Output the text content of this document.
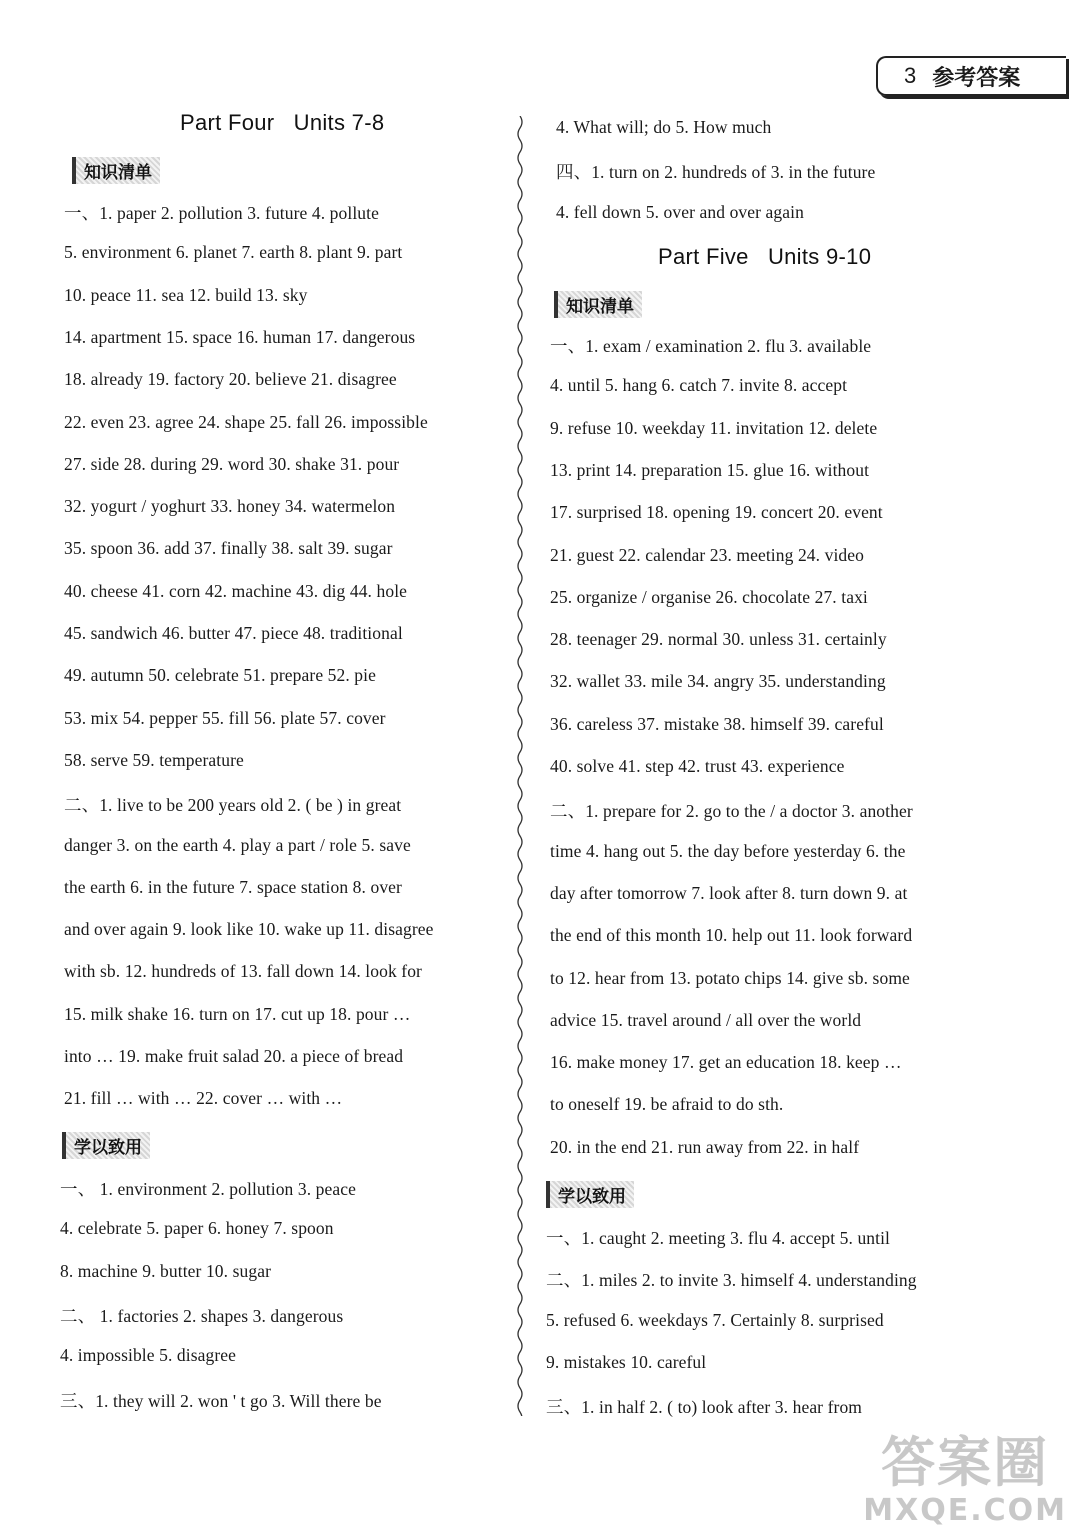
3 参考答案
Part Four   Units 7-8
知识清单
一、1. paper 2. pollution 3. future 4. pollute
5. environment 6. planet 7. earth 8. plant 9. part
10. peace 11. sea 12. build 13. sky
14. apartment 15. space 16. human 17. dangerous
18. already 19. factory 20. believe 21. disagree
22. even 23. agree 24. shape 25. fall 26. impossible
27. side 28. during 29. word 30. shake 31. pour
32. yogurt / yoghurt 33. honey 34. watermelon
35. spoon 36. add 37. finally 38. salt 39. sugar
40. cheese 41. corn 42. machine 43. dig 44. hole
45. sandwich 46. butter 47. piece 48. traditional
49. autumn 50. celebrate 51. prepare 52. pie
53. mix 54. pepper 55. fill 56. plate 57. cover
58. serve 59. temperature
二、1. live to be 200 years old 2. ( be ) in great
danger 3. on the earth 4. play a part / role 5. save
the earth 6. in the future 7. space station 8. over
and over again 9. look like 10. wake up 11. disagree
with sb. 12. hundreds of 13. fall down 14. look for
15. milk shake 16. turn on 17. cut up 18. pour …
into … 19. make fruit salad 20. a piece of bread
21. fill … with … 22. cover … with …
学以致用
一、 1. environment 2. pollution 3. peace
4. celebrate 5. paper 6. honey 7. spoon
8. machine 9. butter 10. sugar
二、 1. factories 2. shapes 3. dangerous
4. impossible 5. disagree
三、1. they will 2. won ' t go 3. Will there be
4. What will; do 5. How much
四、1. turn on 2. hundreds of 3. in the future
4. fell down 5. over and over again
Part Five   Units 9-10
知识清单
一、1. exam / examination 2. flu 3. available
4. until 5. hang 6. catch 7. invite 8. accept
9. refuse 10. weekday 11. invitation 12. delete
13. print 14. preparation 15. glue 16. without
17. surprised 18. opening 19. concert 20. event
21. guest 22. calendar 23. meeting 24. video
25. organize / organise 26. chocolate 27. taxi
28. teenager 29. normal 30. unless 31. certainly
32. wallet 33. mile 34. angry 35. understanding
36. careless 37. mistake 38. himself 39. careful
40. solve 41. step 42. trust 43. experience
二、1. prepare for 2. go to the / a doctor 3. another
time 4. hang out 5. the day before yesterday 6. the
day after tomorrow 7. look after 8. turn down 9. at
the end of this month 10. help out 11. look forward
to 12. hear from 13. potato chips 14. give sb. some
advice 15. travel around / all over the world
16. make money 17. get an education 18. keep …
to oneself 19. be afraid to do sth.
20. in the end 21. run away from 22. in half
学以致用
一、1. caught 2. meeting 3. flu 4. accept 5. until
二、1. miles 2. to invite 3. himself 4. understanding
5. refused 6. weekdays 7. Certainly 8. surprised
9. mistakes 10. careful
三、1. in half 2. ( to) look after 3. hear from
答案圈
MXQE.COM
